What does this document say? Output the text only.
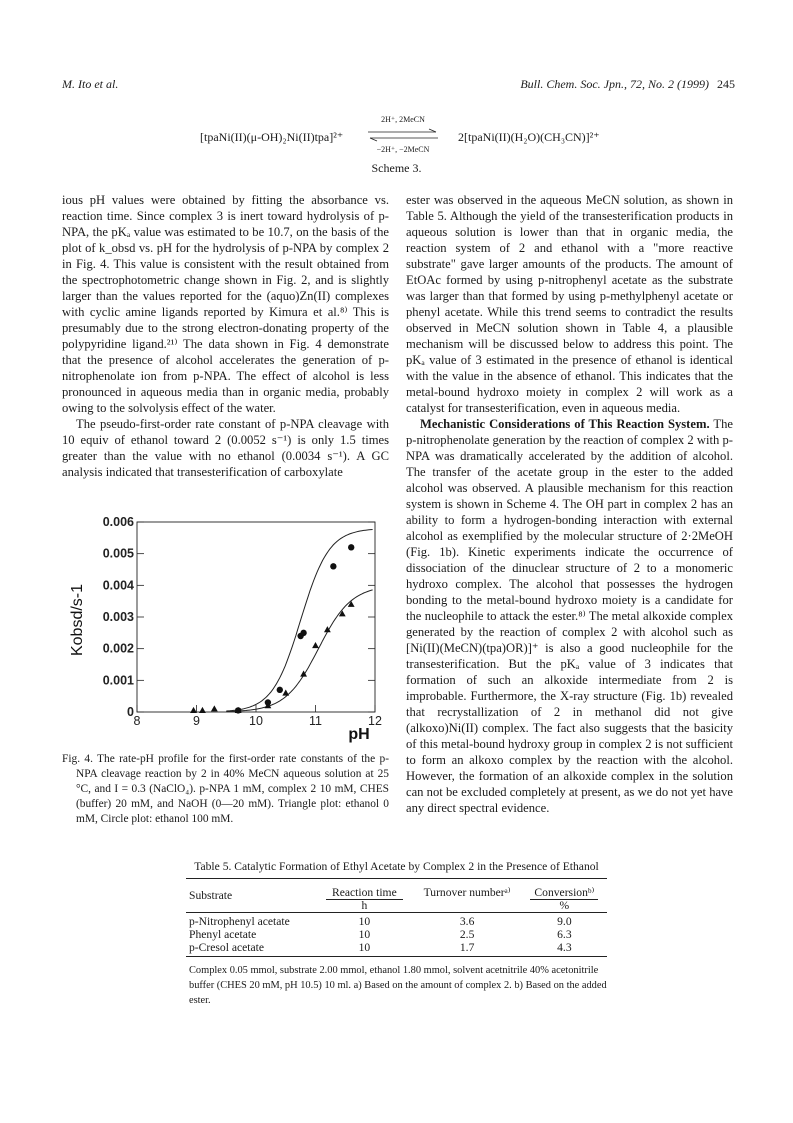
M. Ito et al.	Bull. Chem. Soc. Jpn., 72, No. 2 (1999) 245
[tpaNi(II)(μ-OH)₂Ni(II)tpa]²⁺
2H⁺, 2MeCN
−2H⁺, −2MeCN
2[tpaNi(II)(H₂O)(CH₃CN)]²⁺
Scheme 3.

ious pH values were obtained by fitting the absorbance vs. reaction time. Since complex 3 is inert toward hydrolysis of p-NPA, the pKₐ value was estimated to be 10.7, on the basis of the plot of k_obsd vs. pH for the hydrolysis of p-NPA by complex 2 in Fig. 4. This value is consistent with the result obtained from the spectrophotometric change shown in Fig. 2, and is slightly larger than the values reported for the (aquo)Zn(II) complexes with cyclic amine ligands reported by Kimura et al.⁸⁾ This is presumably due to the strong electron-donating property of the polypyridine ligand.²¹⁾ The data shown in Fig. 4 demonstrate that the presence of alcohol accelerates the generation of p-nitrophenolate ion from p-NPA. The effect of alcohol is less pronounced in aqueous media than in organic media, probably owing to the solvolysis effect of the water.

The pseudo-first-order rate constant of p-NPA cleavage with 10 equiv of ethanol toward 2 (0.0052 s⁻¹) is only 1.5 times greater than the value with no ethanol (0.0034 s⁻¹). A GC analysis indicated that transesterification of carboxylate

0
0.001
0.002
0.003
0.004
0.005
0.006
8	9	10	11	12
Kobsd/s-1
pH
Fig. 4. The rate-pH profile for the first-order rate constants of the p-NPA cleavage reaction by 2 in 40% MeCN aqueous solution at 25 °C, and I = 0.3 (NaClO₄). p-NPA 1 mM, complex 2 10 mM, CHES (buffer) 20 mM, and NaOH (0—20 mM). Triangle plot: ethanol 0 mM, Circle plot: ethanol 100 mM.

ester was observed in the aqueous MeCN solution, as shown in Table 5. Although the yield of the transesterification products in aqueous solution is lower than that in organic media, the reaction system of 2 and ethanol with a "more reactive substrate" gave larger amounts of the products. The amount of EtOAc formed by using p-nitrophenyl acetate as the substrate was larger than that formed by using p-methylphenyl acetate or phenyl acetate. While this trend seems to contradict the results observed in MeCN solution shown in Table 4, a plausible mechanism will be discussed below to address this point. The pKₐ value of 3 estimated in the presence of ethanol is identical with the value in the absence of ethanol. This indicates that the metal-bound hydroxo moiety in complex 2 will work as a catalyst for transesterification, even in aqueous media.

Mechanistic Considerations of This Reaction System. The p-nitrophenolate generation by the reaction of complex 2 with p-NPA was dramatically accelerated by the addition of alcohol. The transfer of the acetate group in the ester to the added alcohol was observed. A plausible mechanism for this reaction system is shown in Scheme 4. The OH part in complex 2 has an ability to form a hydrogen-bonding interaction with external alcohol as exemplified by the molecular structure of 2·2MeOH (Fig. 1b). Kinetic experiments indicate the occurrence of dissociation of the dinuclear structure of 2 to a monomeric hydroxo complex. The alcohol that possesses the hydrogen bonding to the metal-bound hydroxo moiety is a candidate for the nucleophile to attack the ester.⁸⁾ The metal alkoxide complex generated by the reaction of complex 2 with alcohol such as [Ni(II)(MeCN)(tpa)OR)]⁺ is also a good nucleophile for the transesterification. But the pKₐ value of 3 indicates that formation of such an alkoxide intermediate from 2 is improbable. Furthermore, the X-ray structure (Fig. 1b) revealed that recrystallization of 2 in methanol did not give (alkoxo)Ni(II) complex. The fact also suggests that the basicity of this metal-bound hydroxy group in complex 2 is not sufficient to form an alkoxo complex by the reaction with the alcohol. However, the formation of an alkoxide complex in the solution can not be excluded completely at present, as we do not yet have any direct spectral evidence.

Table 5. Catalytic Formation of Ethyl Acetate by Complex 2 in the Presence of Ethanol
Substrate	Reaction time	Turnover numberᵃ⁾	Conversionᵇ⁾
	h		%
p-Nitrophenyl acetate	10	3.6	9.0
Phenyl acetate	10	2.5	6.3
p-Cresol acetate	10	1.7	4.3
Complex 0.05 mmol, substrate 2.00 mmol, ethanol 1.80 mmol, solvent acetnitrile 40% acetonitrile buffer (CHES 20 mM, pH 10.5) 10 ml. a) Based on the amount of complex 2. b) Based on the added ester.
